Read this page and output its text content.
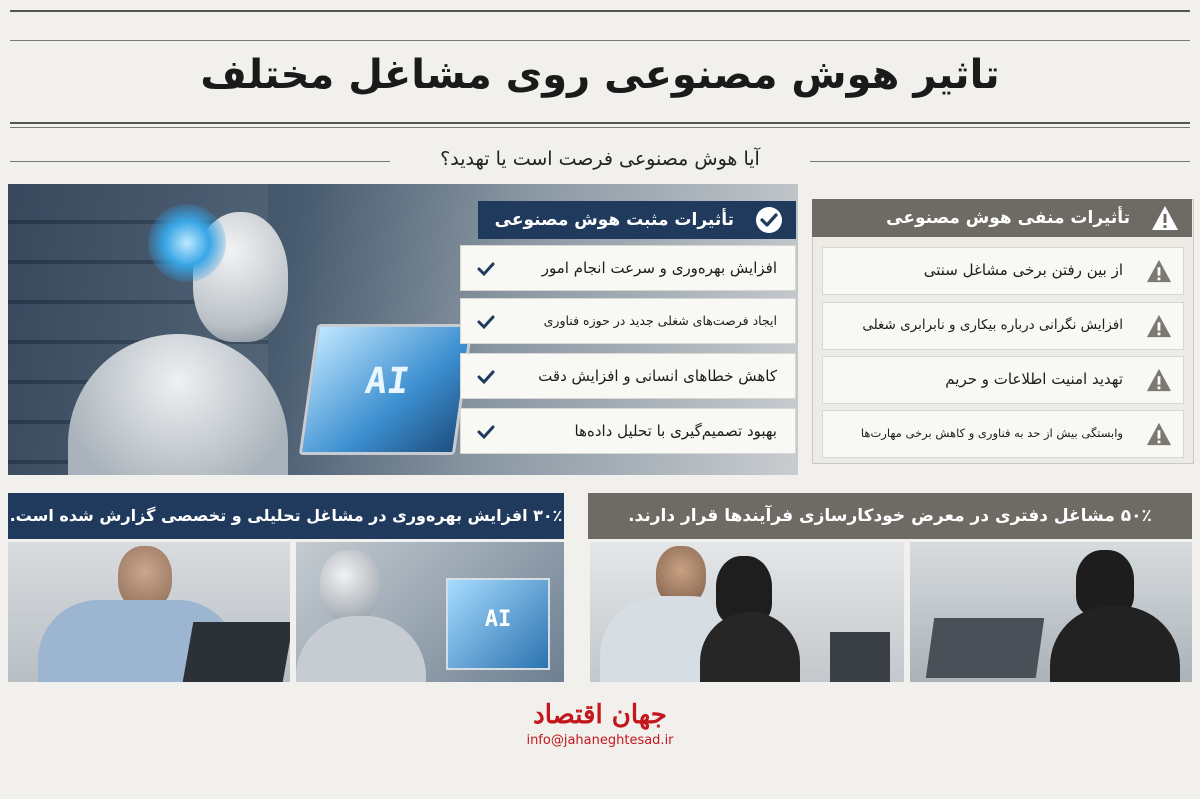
تاثیر هوش مصنوعی روی مشاغل مختلف
آیا هوش مصنوعی فرصت است یا تهدید؟
AI
تأثیرات مثبت هوش مصنوعی
افزایش بهره‌وری و سرعت انجام امور
ایجاد فرصت‌های شغلی جدید در حوزه فناوری
کاهش خطاهای انسانی و افزایش دقت
بهبود تصمیم‌گیری با تحلیل داده‌ها
تأثیرات منفی هوش مصنوعی
از بین رفتن برخی مشاغل سنتی
افزایش نگرانی درباره بیکاری و نابرابری شغلی
تهدید امنیت اطلاعات و حریم
وابستگی بیش از حد به فناوری و کاهش برخی مهارت‌ها
۳۰٪ افزایش بهره‌وری در مشاغل تحلیلی و تخصصی گزارش شده است.	۵۰٪ مشاغل دفتری در معرض خودکارسازی فرآیندها قرار دارند.
AI
جهان اقتصاد
info@jahaneghtesad.ir
